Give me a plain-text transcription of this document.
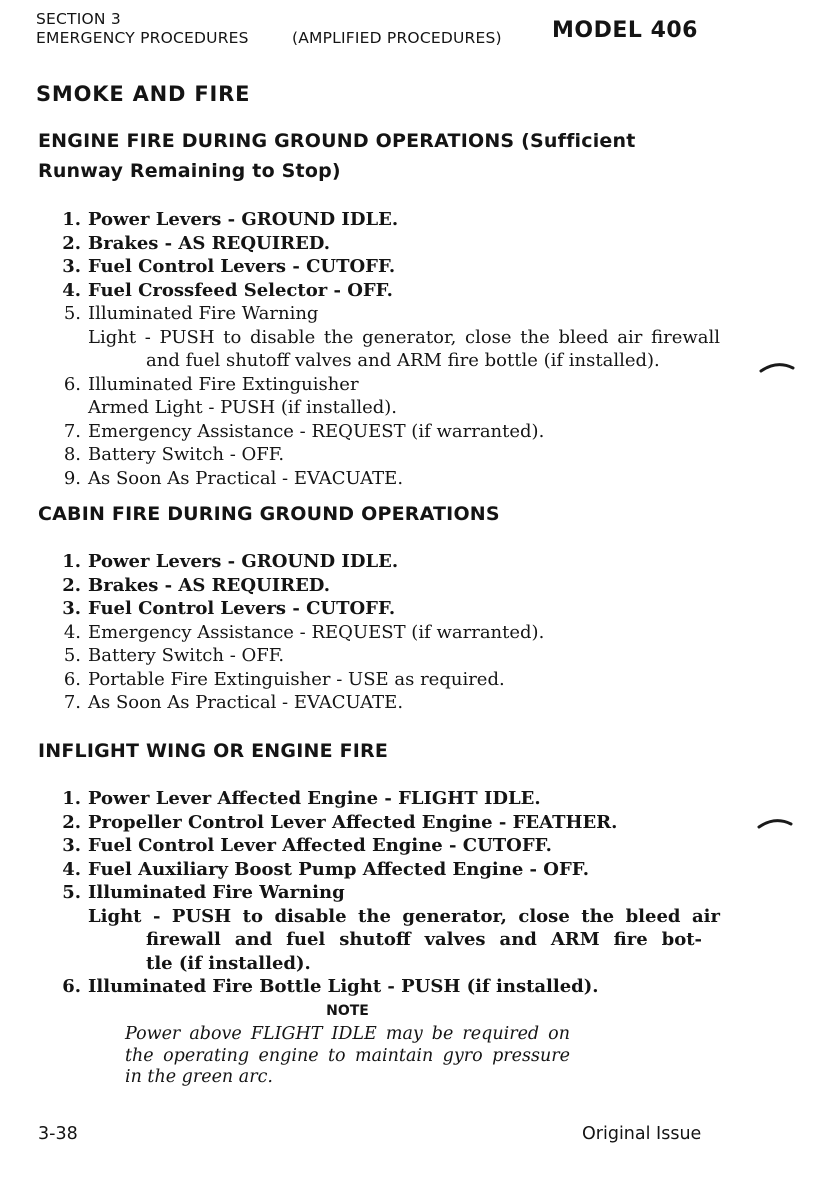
SECTION 3
EMERGENCY PROCEDURES	(AMPLIFIED PROCEDURES) MODEL 406
SMOKE AND FIRE
ENGINE FIRE DURING GROUND OPERATIONS (Sufficient
Runway Remaining to Stop)
1. Power Levers - GROUND IDLE.
2. Brakes - AS REQUIRED.
3. Fuel Control Levers - CUTOFF.
4. Fuel Crossfeed Selector - OFF.
5. Illuminated Fire Warning
Light - PUSH to disable the generator, close the bleed air firewall
and fuel shutoff valves and ARM fire bottle (if installed).
6. Illuminated Fire Extinguisher
Armed Light - PUSH (if installed).
7. Emergency Assistance - REQUEST (if warranted).
8. Battery Switch - OFF.
9. As Soon As Practical - EVACUATE.
CABIN FIRE DURING GROUND OPERATIONS
1. Power Levers - GROUND IDLE.
2. Brakes - AS REQUIRED.
3. Fuel Control Levers - CUTOFF.
4. Emergency Assistance - REQUEST (if warranted).
5. Battery Switch - OFF.
6. Portable Fire Extinguisher - USE as required.
7. As Soon As Practical - EVACUATE.
INFLIGHT WING OR ENGINE FIRE
1. Power Lever Affected Engine - FLIGHT IDLE.
2. Propeller Control Lever Affected Engine - FEATHER.
3. Fuel Control Lever Affected Engine - CUTOFF.
4. Fuel Auxiliary Boost Pump Affected Engine - OFF.
5. Illuminated Fire Warning
Light - PUSH to disable the generator, close the bleed air
firewall and fuel shutoff valves and ARM fire bot-
tle (if installed).
6. Illuminated Fire Bottle Light - PUSH (if installed).
NOTE
Power above FLIGHT IDLE may be required on
the operating engine to maintain gyro pressure
in the green arc.
3-38	Original Issue
